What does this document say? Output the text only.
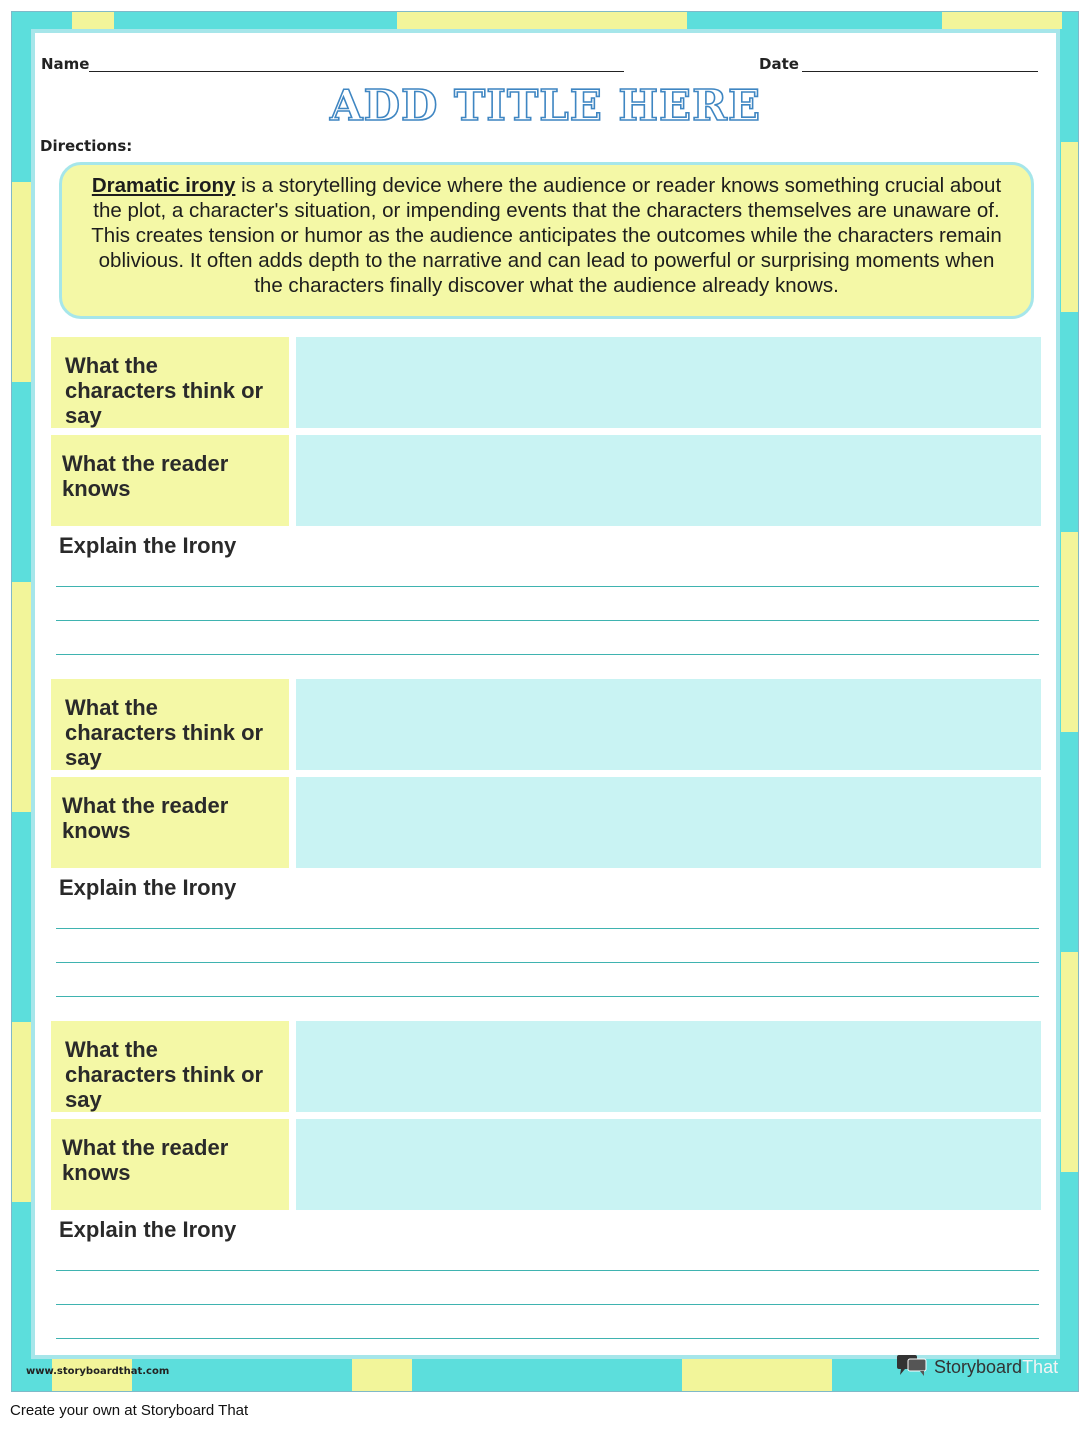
Name	Date
ADD TITLE HERE
Directions:
Dramatic irony is a storytelling device where the audience or reader knows something crucial about the plot, a character's situation, or impending events that the characters themselves are unaware of. This creates tension or humor as the audience anticipates the outcomes while the characters remain oblivious. It often adds depth to the narrative and can lead to powerful or surprising moments when the characters finally discover what the audience already knows.
What the characters think or say
What the reader knows
Explain the Irony
What the characters think or say
What the reader knows
Explain the Irony
What the characters think or say
What the reader knows
Explain the Irony
www.storyboardthat.com	StoryboardThat
Create your own at Storyboard That
